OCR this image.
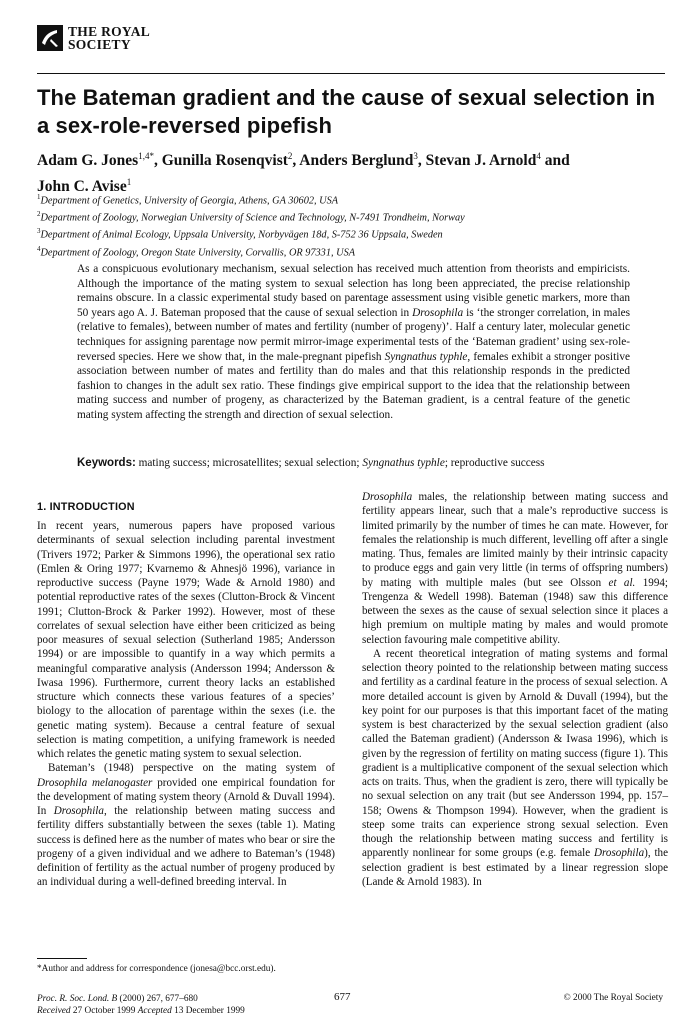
THE ROYAL
SOCIETY
The Bateman gradient and the cause of sexual selection in a sex-role-reversed pipefish

Adam G. Jones$^{1,4*}$, Gunilla Rosenqvist$^2$, Anders Berglund$^3$, Stevan J. Arnold$^4$ and
John C. Avise$^1$

$^1$Department of Genetics, University of Georgia, Athens, GA 30602, USA
$^2$Department of Zoology, Norwegian University of Science and Technology, N-7491 Trondheim, Norway
$^3$Department of Animal Ecology, Uppsala University, Norbyvägen 18d, S-752 36 Uppsala, Sweden
$^4$Department of Zoology, Oregon State University, Corvallis, OR 97331, USA

As a conspicuous evolutionary mechanism, sexual selection has received much attention from theorists and empiricists. Although the importance of the mating system to sexual selection has long been appreciated, the precise relationship remains obscure. In a classic experimental study based on parentage assessment using visible genetic markers, more than 50 years ago A. J. Bateman proposed that the cause of sexual selection in Drosophila is ‘the stronger correlation, in males (relative to females), between number of mates and fertility (number of progeny)’. Half a century later, molecular genetic techniques for assigning parentage now permit mirror-image experimental tests of the ‘Bateman gradient’ using sex-role-reversed species. Here we show that, in the male-pregnant pipefish Syngnathus typhle, females exhibit a stronger positive association between number of mates and fertility than do males and that this relationship responds in the predicted fashion to changes in the adult sex ratio. These findings give empirical support to the idea that the relationship between mating success and number of progeny, as characterized by the Bateman gradient, is a central feature of the genetic mating system affecting the strength and direction of sexual selection.

Keywords: mating success; microsatellites; sexual selection; Syngnathus typhle; reproductive success

1. INTRODUCTION

In recent years, numerous papers have proposed various determinants of sexual selection including parental investment (Trivers 1972; Parker & Simmons 1996), the operational sex ratio (Emlen & Oring 1977; Kvarnemo & Ahnesjö 1996), variance in reproductive success (Payne 1979; Wade & Arnold 1980) and potential reproductive rates of the sexes (Clutton-Brock & Vincent 1991; Clutton-Brock & Parker 1992). However, most of these correlates of sexual selection have either been criticized as being poor measures of sexual selection (Sutherland 1985; Andersson 1994) or are impossible to quantify in a way which permits a meaningful comparative analysis (Andersson 1994; Andersson & Iwasa 1996). Furthermore, current theory lacks an established structure which connects these various features of a species’ biology to the allocation of parentage within the sexes (i.e. the genetic mating system). Because a central feature of sexual selection is mating competition, a unifying framework is needed which relates the genetic mating system to sexual selection.

Bateman’s (1948) perspective on the mating system of Drosophila melanogaster provided one empirical foundation for the development of mating system theory (Arnold & Duvall 1994). In Drosophila, the relationship between mating success and fertility differs substantially between the sexes (table 1). Mating success is defined here as the number of mates who bear or sire the progeny of a given individual and we adhere to Bateman’s (1948) definition of fertility as the actual number of progeny produced by an individual during a well-defined breeding interval. In

Drosophila males, the relationship between mating success and fertility appears linear, such that a male’s reproductive success is limited primarily by the number of times he can mate. However, for females the relationship is much different, levelling off after a single mating. Thus, females are limited mainly by their intrinsic capacity to produce eggs and gain very little (in terms of offspring numbers) by mating with multiple males (but see Olsson et al. 1994; Trengenza & Wedell 1998). Bateman (1948) saw this difference between the sexes as the cause of sexual selection since it places a high premium on multiple mating by males and would promote selection favouring male competitive ability.

A recent theoretical integration of mating systems and formal selection theory pointed to the relationship between mating success and fertility as a cardinal feature in the process of sexual selection. A more detailed account is given by Arnold & Duvall (1994), but the key point for our purposes is that this important facet of the mating system is best characterized by the sexual selection gradient (also called the Bateman gradient) (Andersson & Iwasa 1996), which is given by the regression of fertility on mating success (figure 1). This gradient is a multiplicative component of the sexual selection which acts on traits. Thus, when the gradient is zero, there will typically be no sexual selection on any trait (but see Andersson 1994, pp. 157–158; Owens & Thompson 1994). However, when the gradient is steep some traits can experience strong sexual selection. Even though the relationship between mating success and fertility is apparently nonlinear for some groups (e.g. female Drosophila), the selection gradient is best estimated by a linear regression slope (Lande & Arnold 1983). In

*Author and address for correspondence (jonesa@bcc.orst.edu).
Proc. R. Soc. Lond. B (2000) 267, 677–680
Received 27 October 1999 Accepted 13 December 1999
677	© 2000 The Royal Society
